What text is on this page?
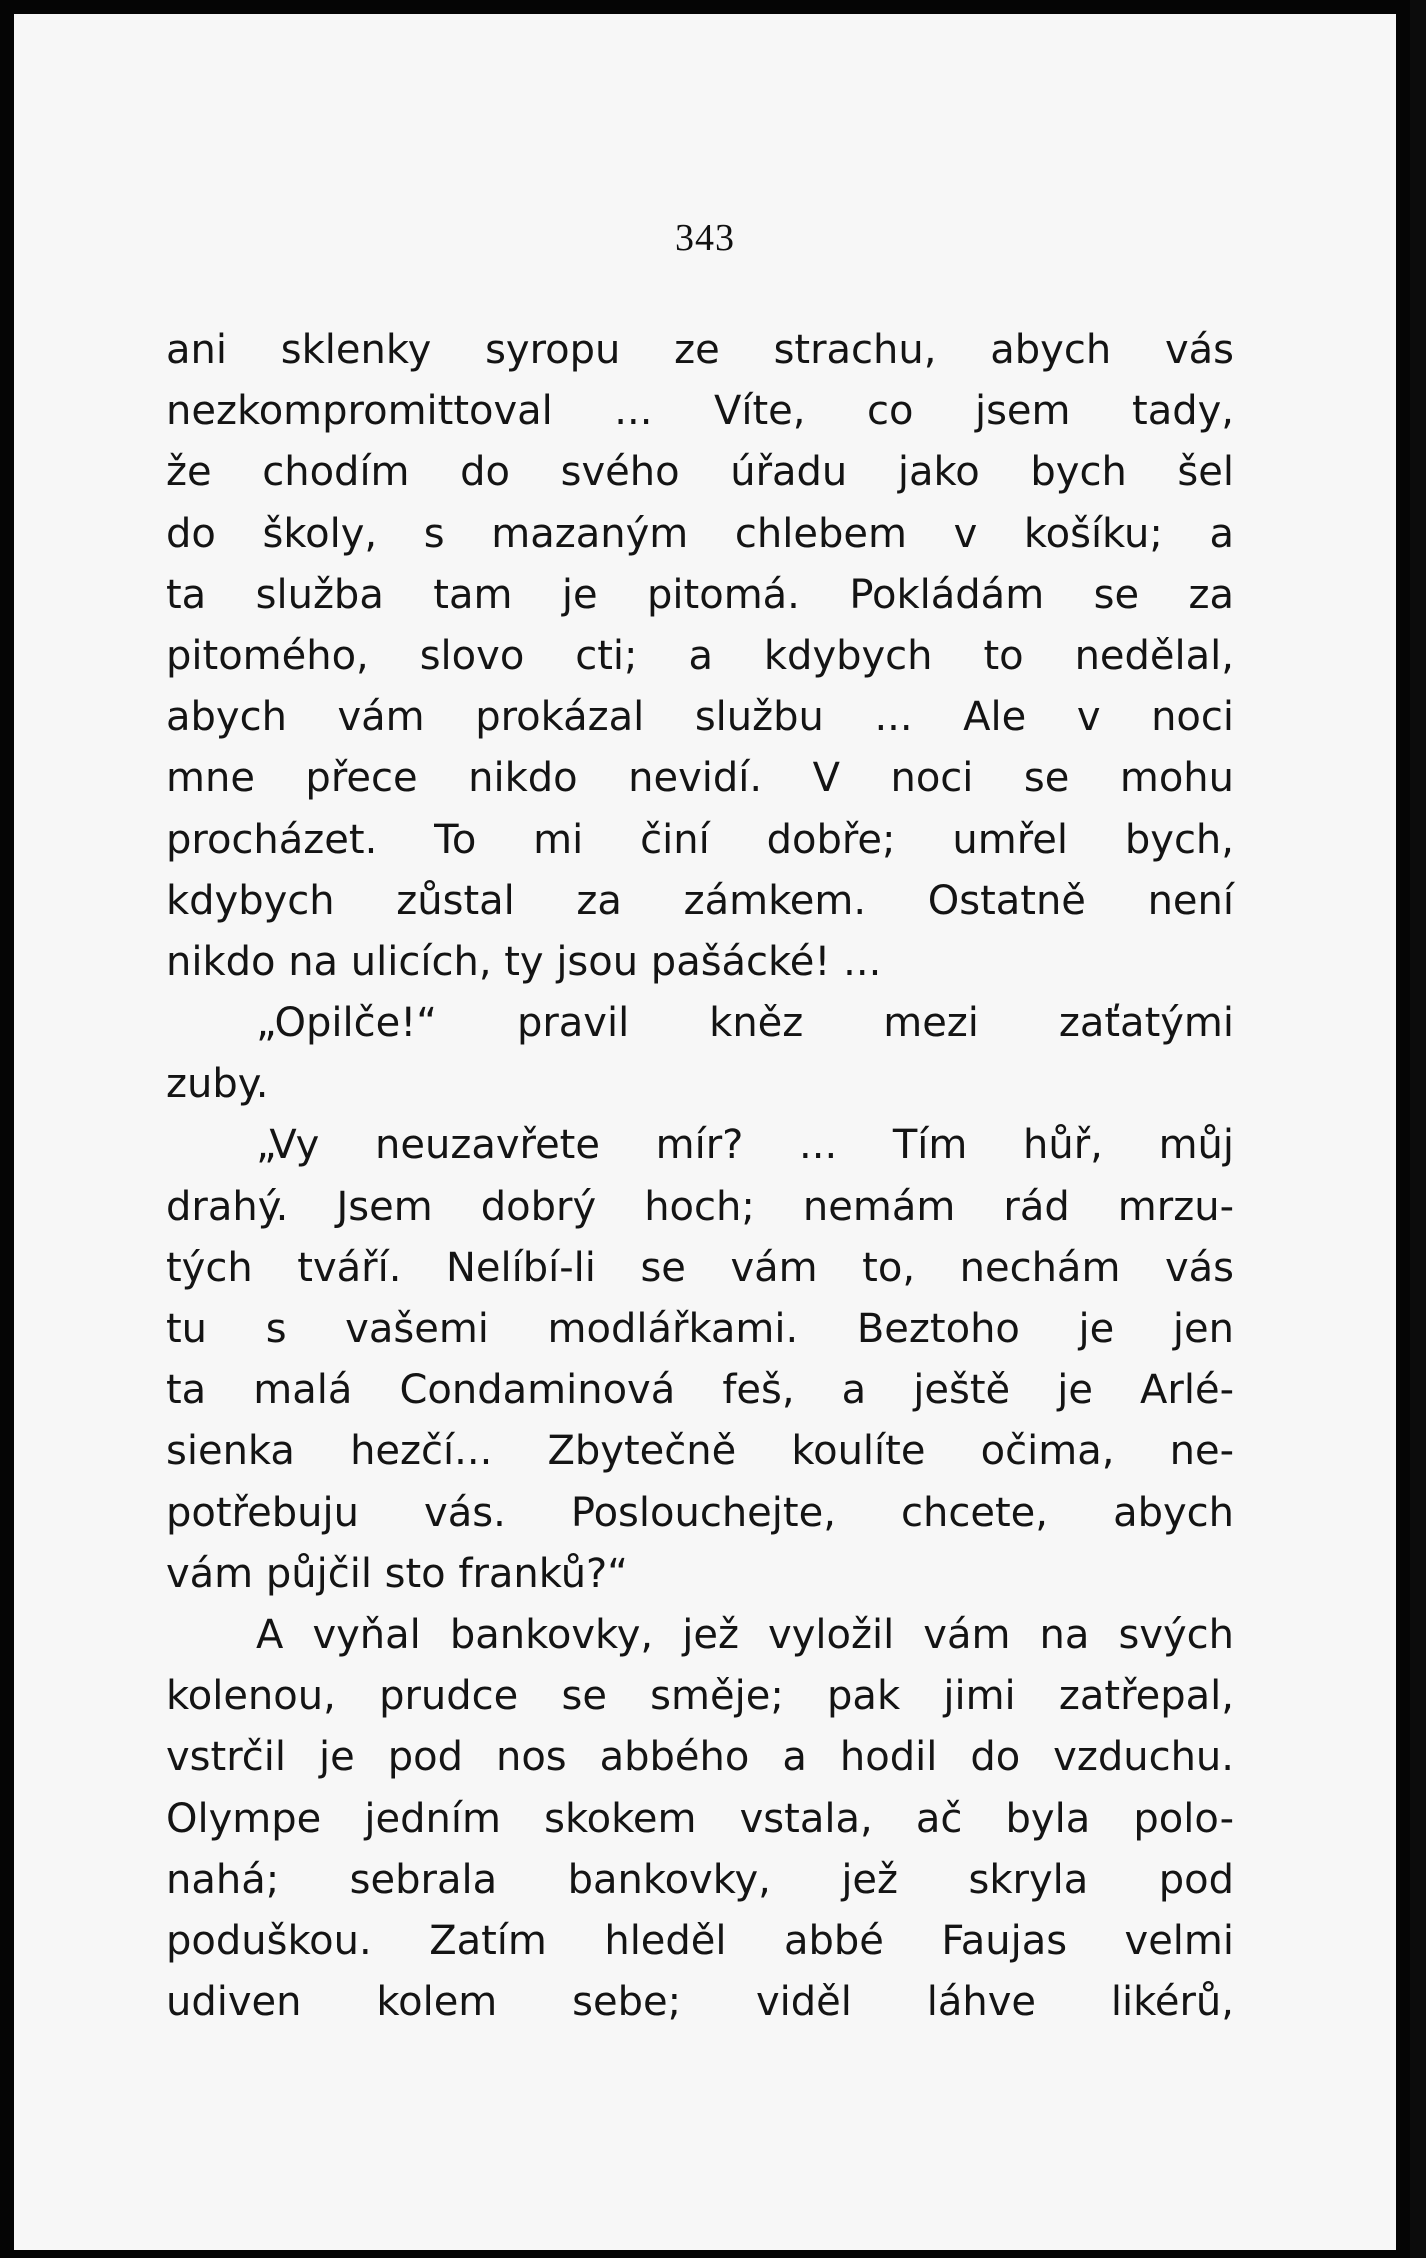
343
ani sklenky syropu ze strachu, abych vás
nezkompromittoval ... Víte, co jsem tady,
že chodím do svého úřadu jako bych šel
do školy, s mazaným chlebem v košíku; a
ta služba tam je pitomá. Pokládám se za
pitomého, slovo cti; a kdybych to nedělal,
abych vám prokázal službu ... Ale v noci
mne přece nikdo nevidí. V noci se mohu
procházet. To mi činí dobře; umřel bych,
kdybych zůstal za zámkem. Ostatně není
nikdo na ulicích, ty jsou pašácké! ...
„Opilče!“ pravil kněz mezi zaťatými
zuby.
„Vy neuzavřete mír? ... Tím hůř, můj
drahý. Jsem dobrý hoch; nemám rád mrzu-
tých tváří. Nelíbí-li se vám to, nechám vás
tu s vašemi modlářkami. Beztoho je jen
ta malá Condaminová feš, a ještě je Arlé-
sienka hezčí... Zbytečně koulíte očima, ne-
potřebuju vás. Poslouchejte, chcete, abych
vám půjčil sto franků?“
A vyňal bankovky, jež vyložil vám na svých
kolenou, prudce se směje; pak jimi zatřepal,
vstrčil je pod nos abbého a hodil do vzduchu.
Olympe jedním skokem vstala, ač byla polo-
nahá; sebrala bankovky, jež skryla pod
poduškou. Zatím hleděl abbé Faujas velmi
udiven kolem sebe; viděl láhve likérů,
